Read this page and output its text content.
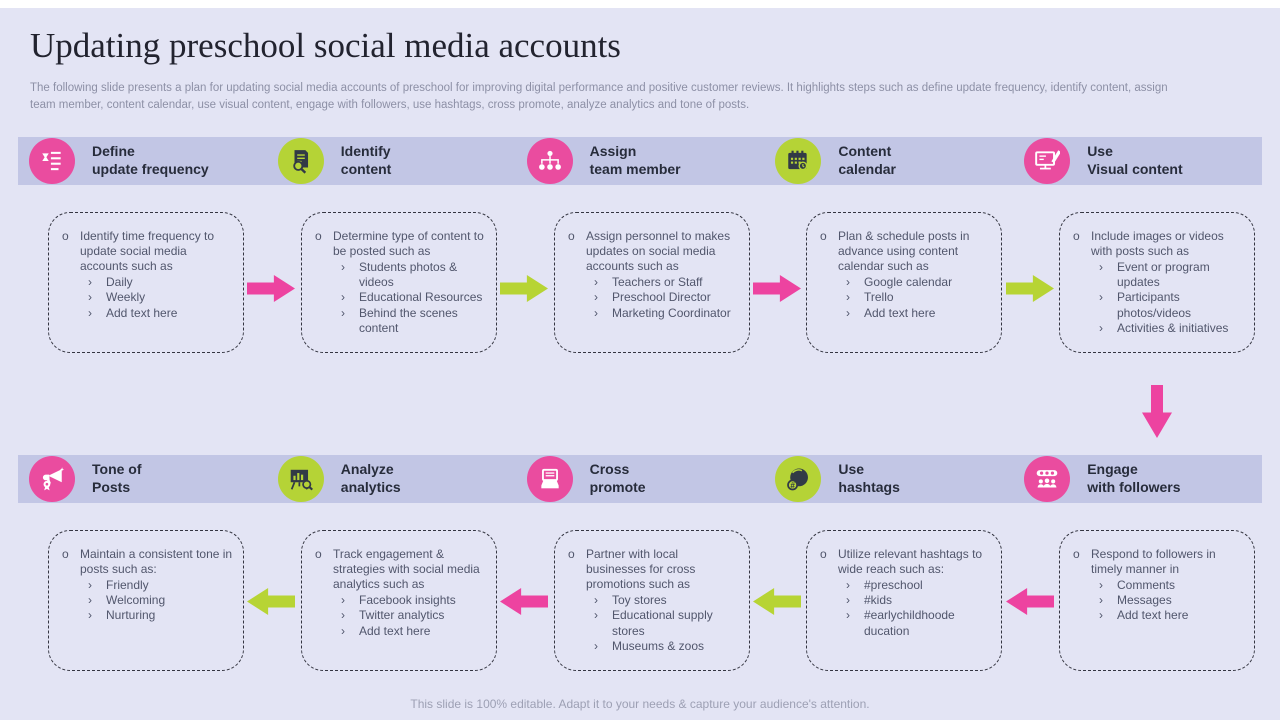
Updating preschool social media accounts

The following slide presents a plan for updating social media accounts of preschool for improving digital performance and positive customer reviews. It highlights steps such as define update frequency, identify content, assign team member, content calendar, use visual content, engage with followers, use hashtags, cross promote, analyze analytics and tone of posts.

Define
update frequency
Identify
content
Assign
team member
Content
calendar
Use
Visual content
o Identify time frequency to update social media accounts such as
› Daily
› Weekly
› Add text here
o Determine type of content to be posted such as
› Students photos & videos
› Educational Resources
› Behind the scenes content
o Assign personnel to makes updates on social media accounts such as
› Teachers or Staff
› Preschool Director
› Marketing Coordinator
o Plan & schedule posts in advance using content calendar such as
› Google calendar
› Trello
› Add text here
o Include images or videos with posts such as
› Event or program updates
› Participants photos/videos
› Activities & initiatives
Tone of
Posts
Analyze
analytics
Cross
promote	#
Use
hashtags
Engage
with followers
o Maintain a consistent tone in posts such as:
› Friendly
› Welcoming
› Nurturing
o Track engagement & strategies with social media analytics such as
› Facebook insights
› Twitter analytics
› Add text here
o Partner with local businesses for cross promotions such as
› Toy stores
› Educational supply stores
› Museums & zoos
o Utilize relevant hashtags to wide reach such as:
› #preschool
› #kids
› #earlychildhoode ducation
o Respond to followers in timely manner in
› Comments
› Messages
› Add text here
This slide is 100% editable. Adapt it to your needs & capture your audience's attention.
